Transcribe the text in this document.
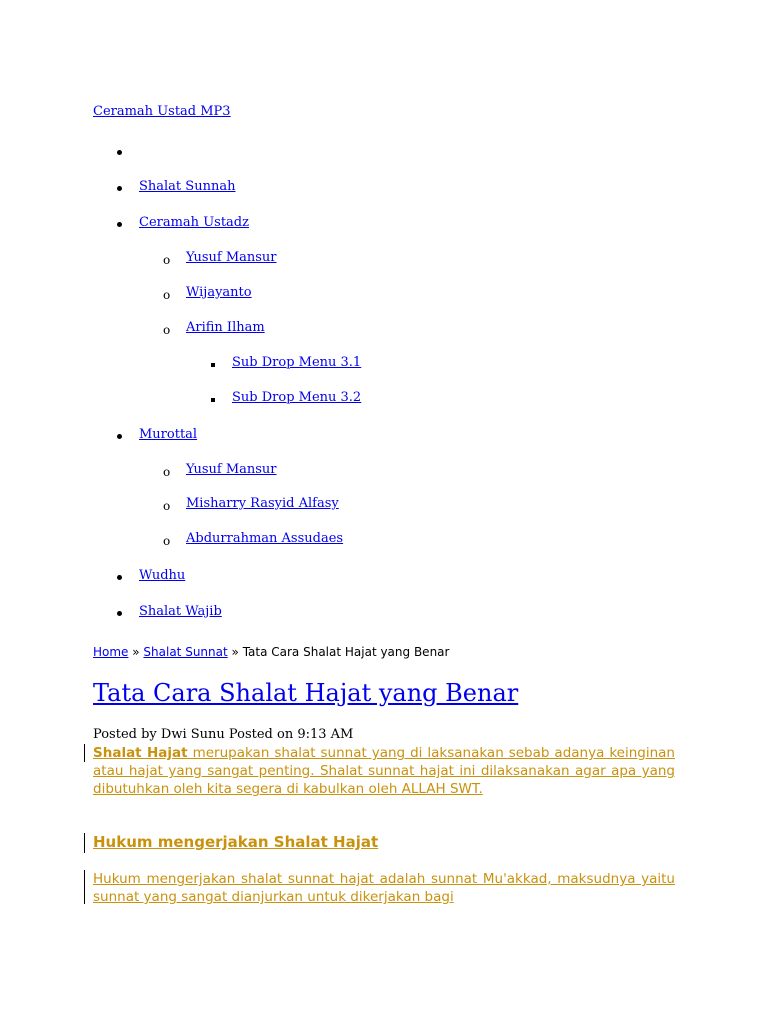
Ceramah Ustad MP3
Shalat Sunnah
Ceramah Ustadz
o Yusuf Mansur
o Wijayanto
o Arifin Ilham
Sub Drop Menu 3.1
Sub Drop Menu 3.2
Murottal
o Yusuf Mansur
o Misharry Rasyid Alfasy
o Abdurrahman Assudaes
Wudhu
Shalat Wajib
Home » Shalat Sunnat » Tata Cara Shalat Hajat yang Benar
Tata Cara Shalat Hajat yang Benar
Posted by Dwi Sunu Posted on 9:13 AM

Shalat Hajat merupakan shalat sunnat yang di laksanakan sebab adanya keinginan atau hajat yang sangat penting. Shalat sunnat hajat ini dilaksanakan agar apa yang dibutuhkan oleh kita segera di kabulkan oleh ALLAH SWT.

Hukum mengerjakan Shalat Hajat

Hukum mengerjakan shalat sunnat hajat adalah sunnat Mu'akkad, maksudnya yaitu sunnat yang sangat dianjurkan untuk dikerjakan bagi
